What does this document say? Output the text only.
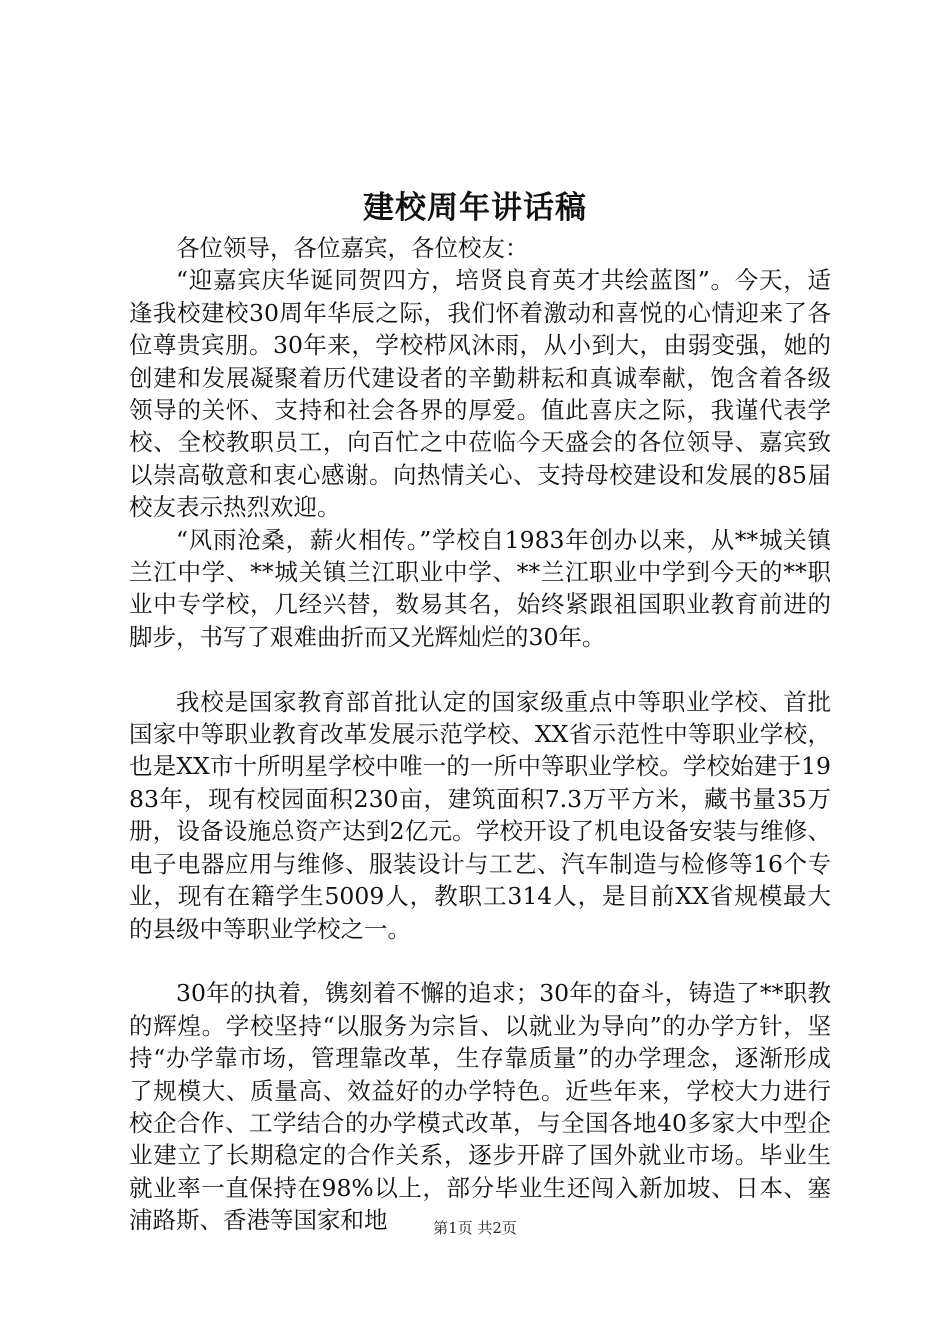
建校周年讲话稿

各位领导，各位嘉宾，各位校友：

“迎嘉宾庆华诞同贺四方，培贤良育英才共绘蓝图”。今天，适逢我校建校30周年华辰之际，我们怀着激动和喜悦的心情迎来了各位尊贵宾朋。30年来，学校栉风沐雨，从小到大，由弱变强，她的创建和发展凝聚着历代建设者的辛勤耕耘和真诚奉献，饱含着各级领导的关怀、支持和社会各界的厚爱。值此喜庆之际，我谨代表学校、全校教职员工，向百忙之中莅临今天盛会的各位领导、嘉宾致以崇高敬意和衷心感谢。向热情关心、支持母校建设和发展的85届校友表示热烈欢迎。

“风雨沧桑，薪火相传。”学校自1983年创办以来，从**城关镇兰江中学、**城关镇兰江职业中学、**兰江职业中学到今天的**职业中专学校，几经兴替，数易其名，始终紧跟祖国职业教育前进的脚步，书写了艰难曲折而又光辉灿烂的30年。

我校是国家教育部首批认定的国家级重点中等职业学校、首批国家中等职业教育改革发展示范学校、XX省示范性中等职业学校，也是XX市十所明星学校中唯一的一所中等职业学校。学校始建于1983年，现有校园面积230亩，建筑面积7.3万平方米，藏书量35万册，设备设施总资产达到2亿元。学校开设了机电设备安装与维修、电子电器应用与维修、服装设计与工艺、汽车制造与检修等16个专业，现有在籍学生5009人，教职工314人，是目前XX省规模最大的县级中等职业学校之一。

30年的执着，镌刻着不懈的追求；30年的奋斗，铸造了**职教的辉煌。学校坚持“以服务为宗旨、以就业为导向”的办学方针，坚持“办学靠市场，管理靠改革，生存靠质量”的办学理念，逐渐形成了规模大、质量高、效益好的办学特色。近些年来，学校大力进行校企合作、工学结合的办学模式改革，与全国各地40多家大中型企业建立了长期稳定的合作关系，逐步开辟了国外就业市场。毕业生就业率一直保持在98%以上，部分毕业生还闯入新加坡、日本、塞浦路斯、香港等国家和地	第1页 共2页
